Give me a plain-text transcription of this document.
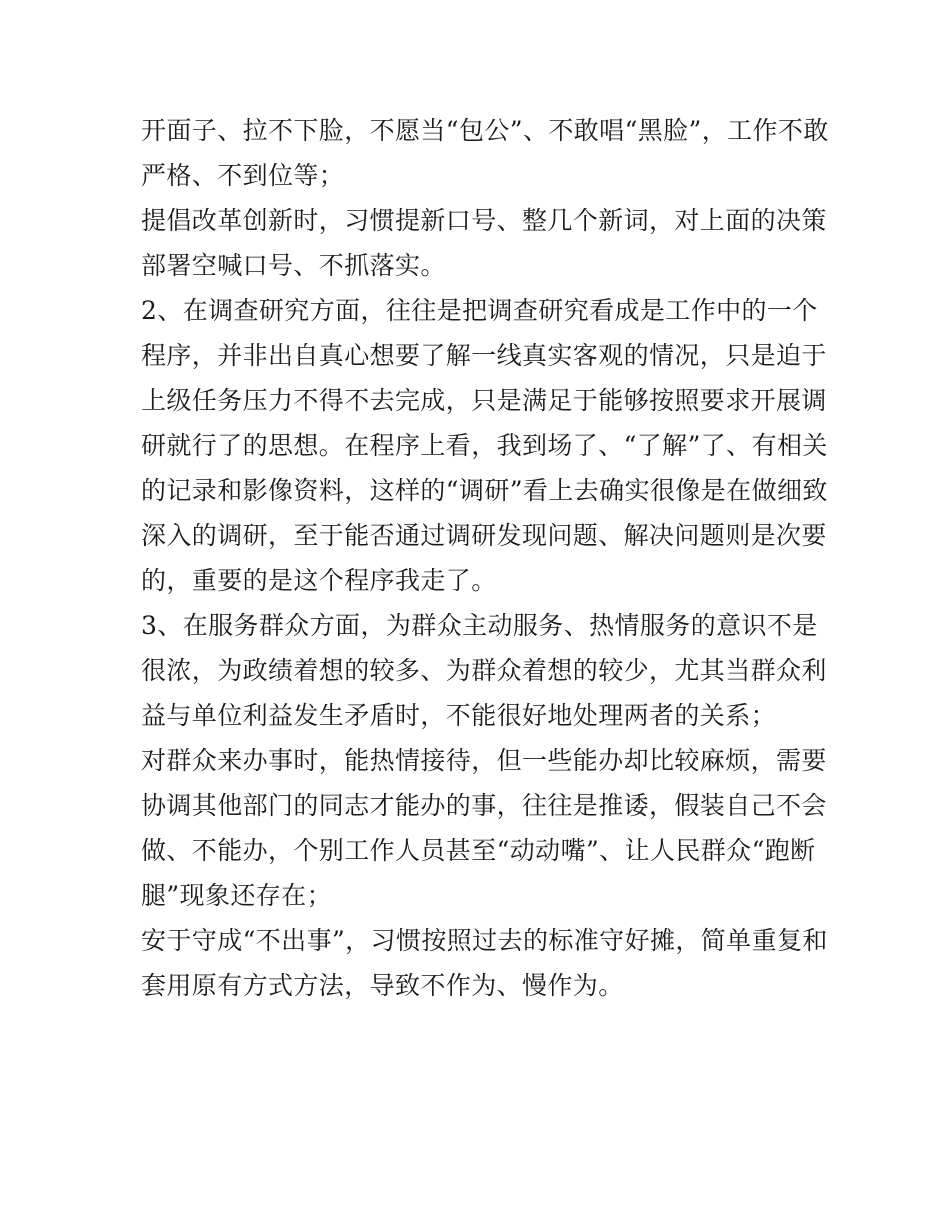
开面子、拉不下脸，不愿当“包公”、不敢唱“黑脸”，工作不敢
严格、不到位等；
提倡改革创新时，习惯提新口号、整几个新词，对上面的决策
部署空喊口号、不抓落实。
2、在调查研究方面，往往是把调查研究看成是工作中的一个
程序，并非出自真心想要了解一线真实客观的情况，只是迫于
上级任务压力不得不去完成，只是满足于能够按照要求开展调
研就行了的思想。在程序上看，我到场了、“了解”了、有相关
的记录和影像资料，这样的“调研”看上去确实很像是在做细致
深入的调研，至于能否通过调研发现问题、解决问题则是次要
的，重要的是这个程序我走了。
3、在服务群众方面，为群众主动服务、热情服务的意识不是
很浓，为政绩着想的较多、为群众着想的较少，尤其当群众利
益与单位利益发生矛盾时，不能很好地处理两者的关系；
对群众来办事时，能热情接待，但一些能办却比较麻烦，需要
协调其他部门的同志才能办的事，往往是推诿，假装自己不会
做、不能办，个别工作人员甚至“动动嘴”、让人民群众“跑断
腿”现象还存在；
安于守成“不出事”，习惯按照过去的标准守好摊，简单重复和
套用原有方式方法，导致不作为、慢作为。
